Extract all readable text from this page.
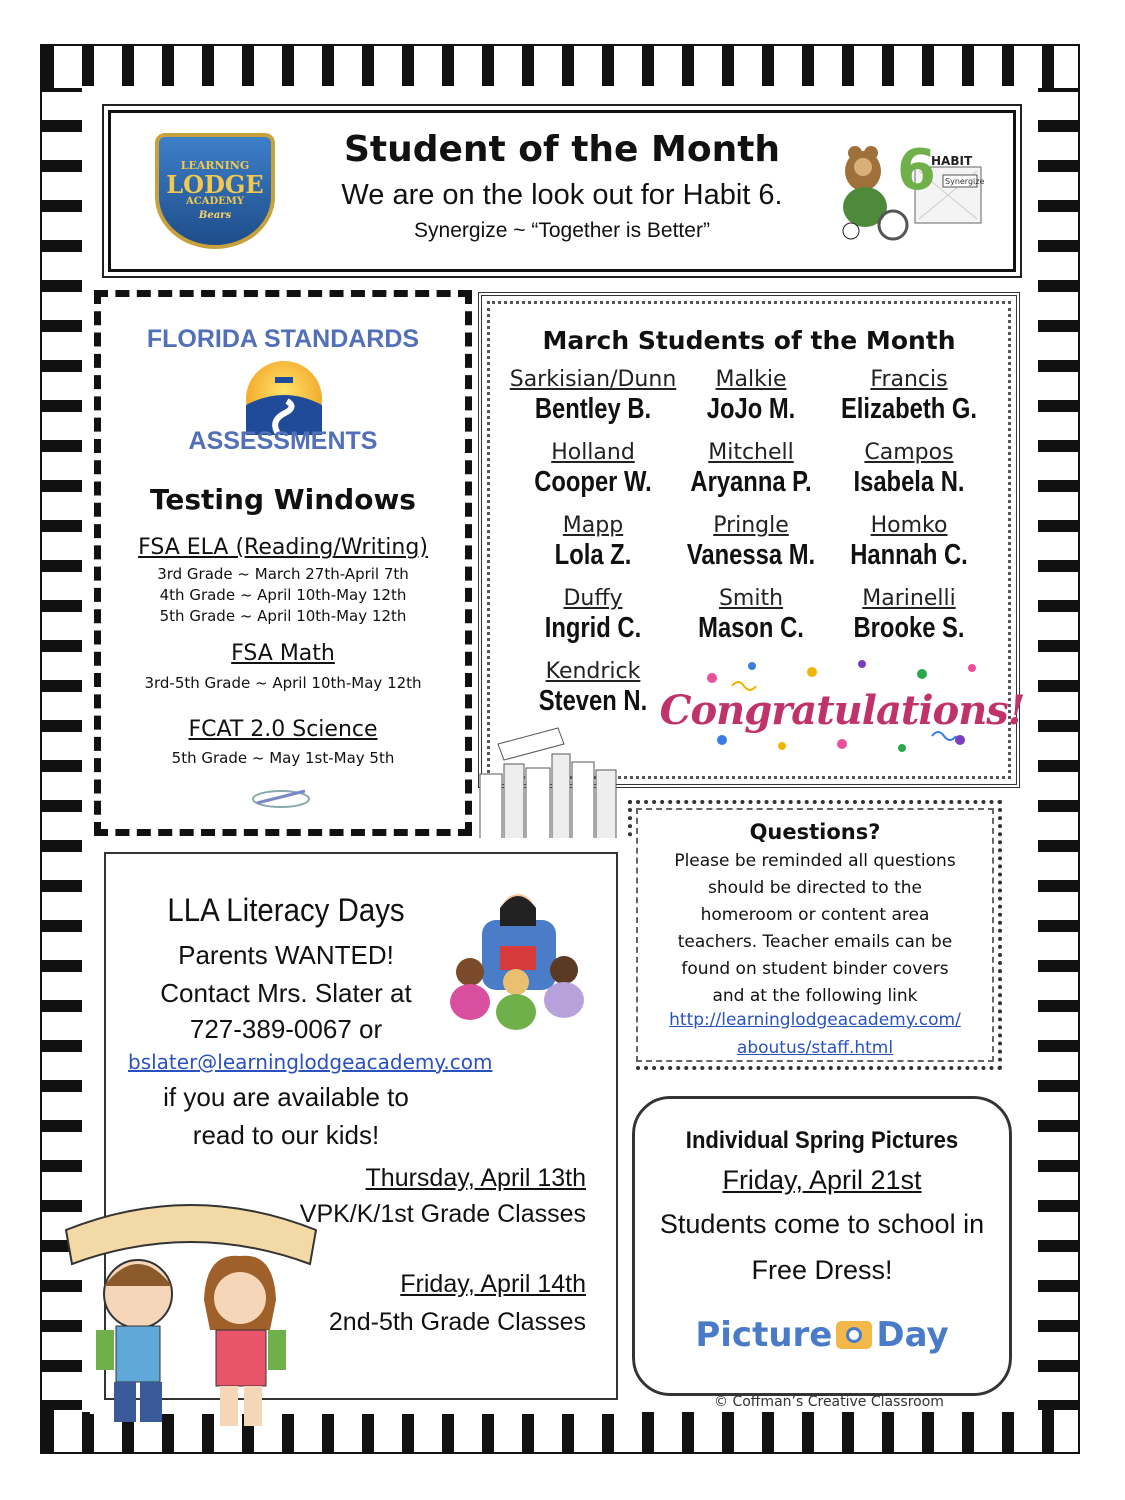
LEARNING
LODGE
ACADEMY
Bears
Student of the Month
We are on the look out for Habit 6.
Synergize ~ “Together is Better”
6
HABIT
Synergize
FLORIDA STANDARDS
ASSESSMENTS
Testing Windows
FSA ELA (Reading/Writing)
3rd Grade ~ March 27th-April 7th
4th Grade ~ April 10th-May 12th
5th Grade ~ April 10th-May 12th
FSA Math
3rd-5th Grade ~ April 10th-May 12th
FCAT 2.0 Science
5th Grade ~ May 1st-May 5th
March Students of the Month
Sarkisian/Dunn
Bentley B.
Malkie
JoJo M.
Francis
Elizabeth G.
Holland
Cooper W.
Mitchell
Aryanna P.
Campos
Isabela N.
Mapp
Lola Z.
Pringle
Vanessa M.
Homko
Hannah C.
Duffy
Ingrid C.
Smith
Mason C.
Marinelli
Brooke S.
Kendrick
Steven N. Congratulations!
Questions?
Please be reminded all questions
should be directed to the
homeroom or content area
teachers. Teacher emails can be
found on student binder covers
and at the following link
http://learninglodgeacademy.com/
aboutus/staff.html
LLA Literacy Days
Parents WANTED!
Contact Mrs. Slater at
727-389-0067 or
bslater@learninglodgeacademy.com
if you are available to
read to our kids!
Thursday, April 13th
VPK/K/1st Grade Classes
Friday, April 14th
2nd-5th Grade Classes
Individual Spring Pictures
Friday, April 21st
Students come to school in
Free Dress!
Picture Day
© Coffman’s Creative Classroom
